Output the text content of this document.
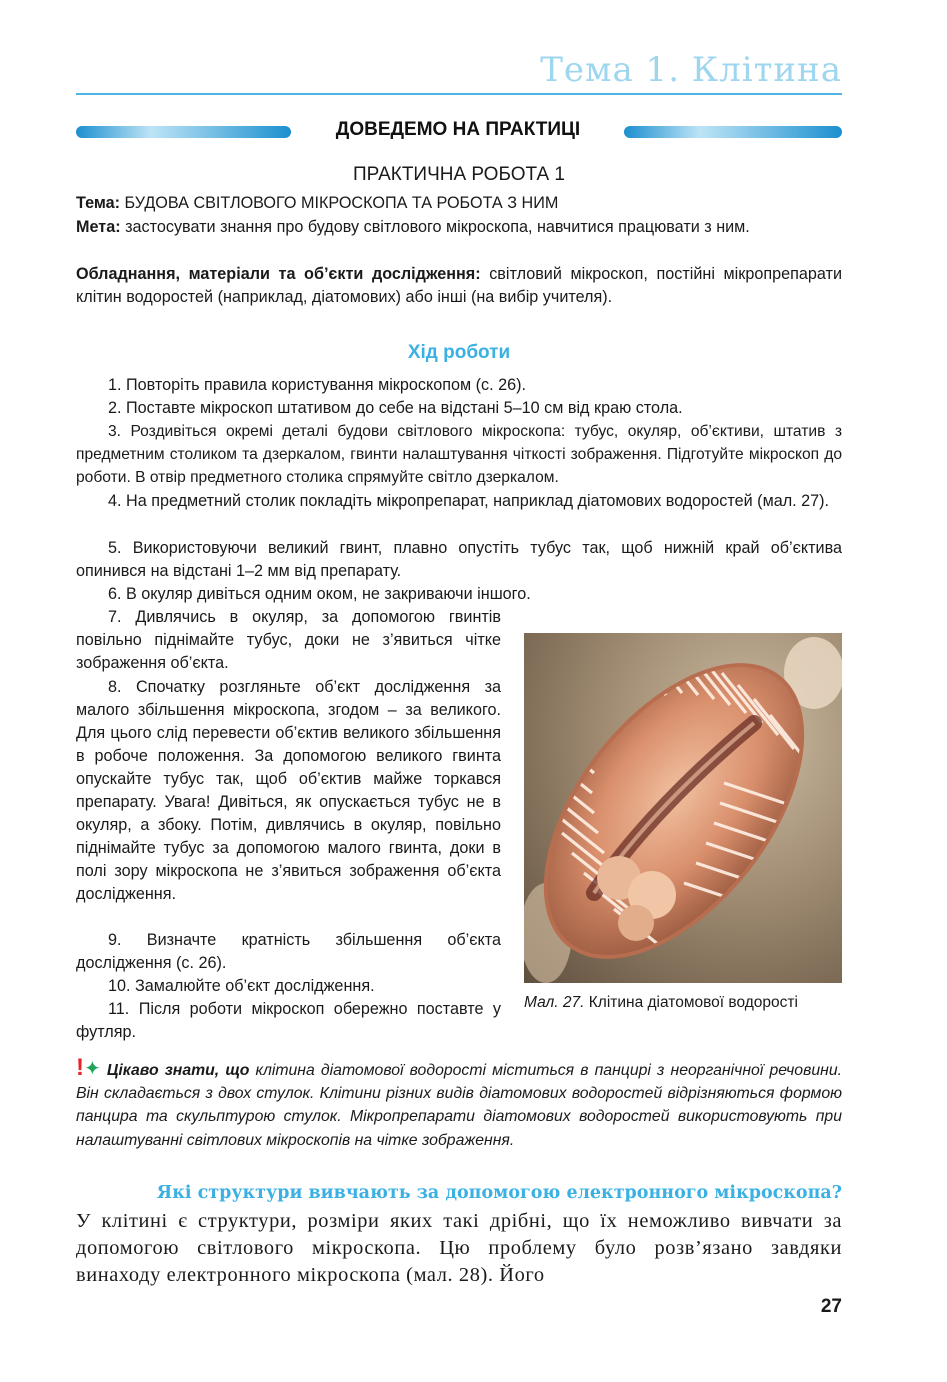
Тема 1. Клітина
ДОВЕДЕМО НА ПРАКТИЦІ
ПРАКТИЧНА РОБОТА 1
Тема: БУДОВА СВІТЛОВОГО МІКРОСКОПА ТА РОБОТА З НИМ
Мета: застосувати знання про будову світлового мікроскопа, навчитися працювати з ним.
Обладнання, матеріали та об’єкти дослідження: світловий мікроскоп, постійні мікропрепарати клітин водоростей (наприклад, діатомових) або інші (на вибір учителя).
Хід роботи
1. Повторіть правила користування мікроскопом (с. 26).
2. Поставте мікроскоп штативом до себе на відстані 5–10 см від краю стола.
3. Роздивіться окремі деталі будови світлового мікроскопа: тубус, окуляр, об’єктиви, штатив з предметним столиком та дзеркалом, гвинти налаштування чіткості зображення. Підготуйте мікроскоп до роботи. В отвір предметного столика спрямуйте світло дзеркалом.
4. На предметний столик покладіть мікропрепарат, наприклад діатомових водоростей (мал. 27).
5. Використовуючи великий гвинт, плавно опустіть тубус так, щоб нижній край об’єктива опинився на відстані 1–2 мм від препарату.
6. В окуляр дивіться одним оком, не закриваючи іншого.
7. Дивлячись в окуляр, за допомогою гвинтів повільно піднімайте тубус, доки не з’явиться чітке зображення об’єкта.
8. Спочатку розгляньте об’єкт дослідження за малого збільшення мікроскопа, згодом – за великого. Для цього слід перевести об’єктив великого збільшення в робоче положення. За допомогою великого гвинта опускайте тубус так, щоб об’єктив майже торкався препарату. Увага! Дивіться, як опускається тубус не в окуляр, а збоку. Потім, дивлячись в окуляр, повільно піднімайте тубус за допомогою малого гвинта, доки в полі зору мікроскопа не з’явиться зображення об’єкта дослідження.
9. Визначте кратність збільшення об’єкта дослідження (с. 26).
10. Замалюйте об’єкт дослідження.
11. Після роботи мікроскоп обережно поставте у футляр.
Мал. 27. Клітина діатомової водорості
!✦ Цікаво знати, що клітина діатомової водорості міститься в панцирі з неорганічної речовини. Він складається з двох стулок. Клітини різних видів діатомових водоростей відрізняються формою панцира та скульптурою стулок. Мікропрепарати діатомових водоростей використовують при налаштуванні світлових мікроскопів на чітке зображення.
Які структури вивчають за допомогою електронного мікроскопа?
У клітині є структури, розміри яких такі дрібні, що їх неможливо вивчати за допомогою світлового мікроскопа. Цю проблему було розв’язано завдяки винаходу електронного мікроскопа (мал. 28). Його
27
